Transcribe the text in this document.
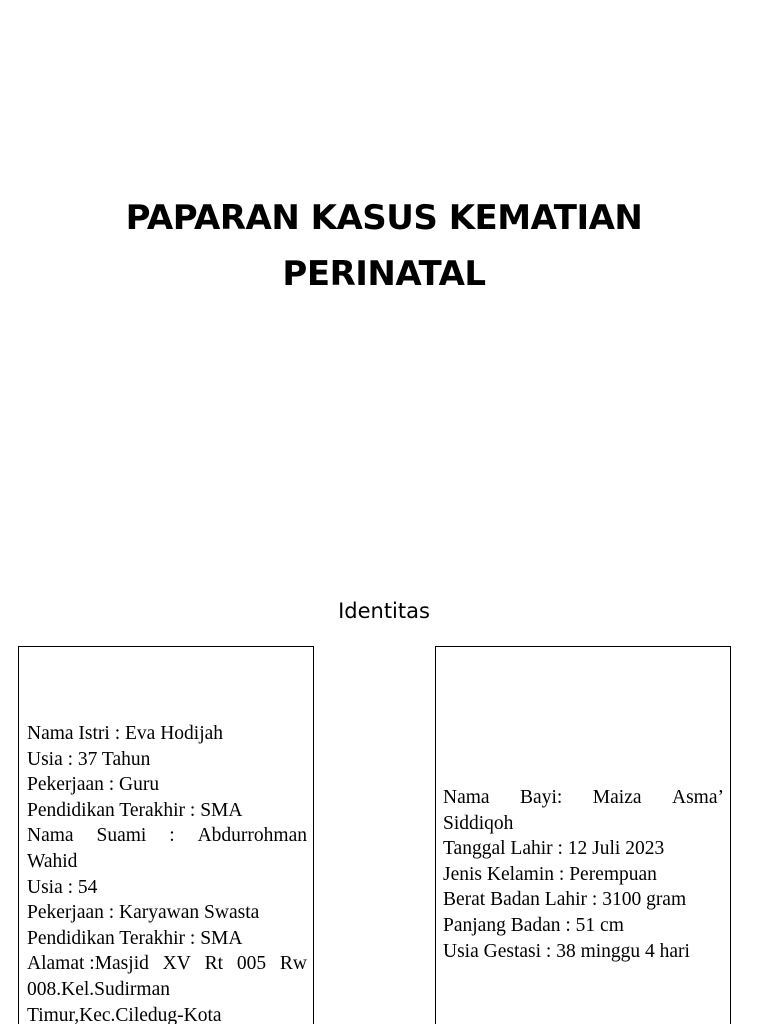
PAPARAN KASUS KEMATIAN
PERINATAL
Identitas
Nama Istri : Eva Hodijah
Usia : 37 Tahun
Pekerjaan : Guru
Pendidikan Terakhir : SMA
Nama Suami : Abdurrohman
Wahid
Usia : 54
Pekerjaan : Karyawan Swasta
Pendidikan Terakhir : SMA
Alamat :Masjid XV Rt 005 Rw
008.Kel.Sudirman
Timur,Kec.Ciledug-Kota
Nama Bayi: Maiza Asma’
Siddiqoh
Tanggal Lahir : 12 Juli 2023
Jenis Kelamin : Perempuan
Berat Badan Lahir : 3100 gram
Panjang Badan : 51 cm
Usia Gestasi : 38 minggu 4 hari
